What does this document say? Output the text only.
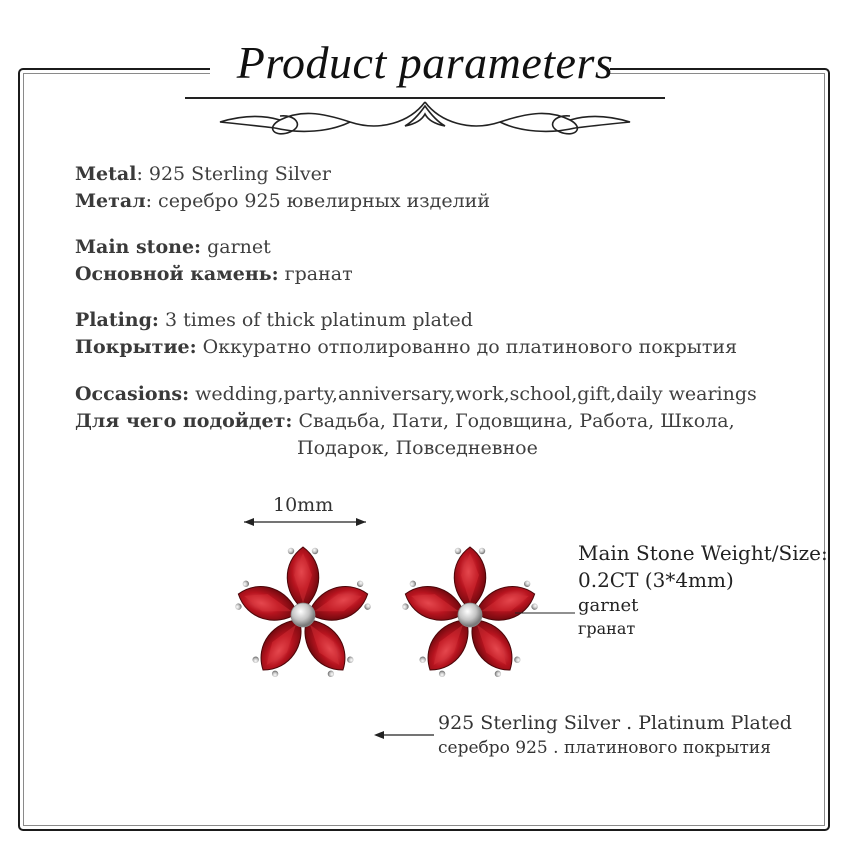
Product parameters
Metal: 925 Sterling Silver
Метал: серебро 925 ювелирных изделий
Main stone: garnet
Основной камень: гранат
Plating: 3 times of thick platinum plated
Покрытие: Оккуратно отполированно до платинового покрытия
Occasions: wedding,party,anniversary,work,school,gift,daily wearings
Для чего подойдет: Свадьба, Пати, Годовщина, Работа, Школа,
Подарок, Повседневное
10mm
Main Stone Weight/Size:
0.2CT (3*4mm)
garnet
гранат
925 Sterling Silver . Platinum Plated
серебро 925 . платинового покрытия
